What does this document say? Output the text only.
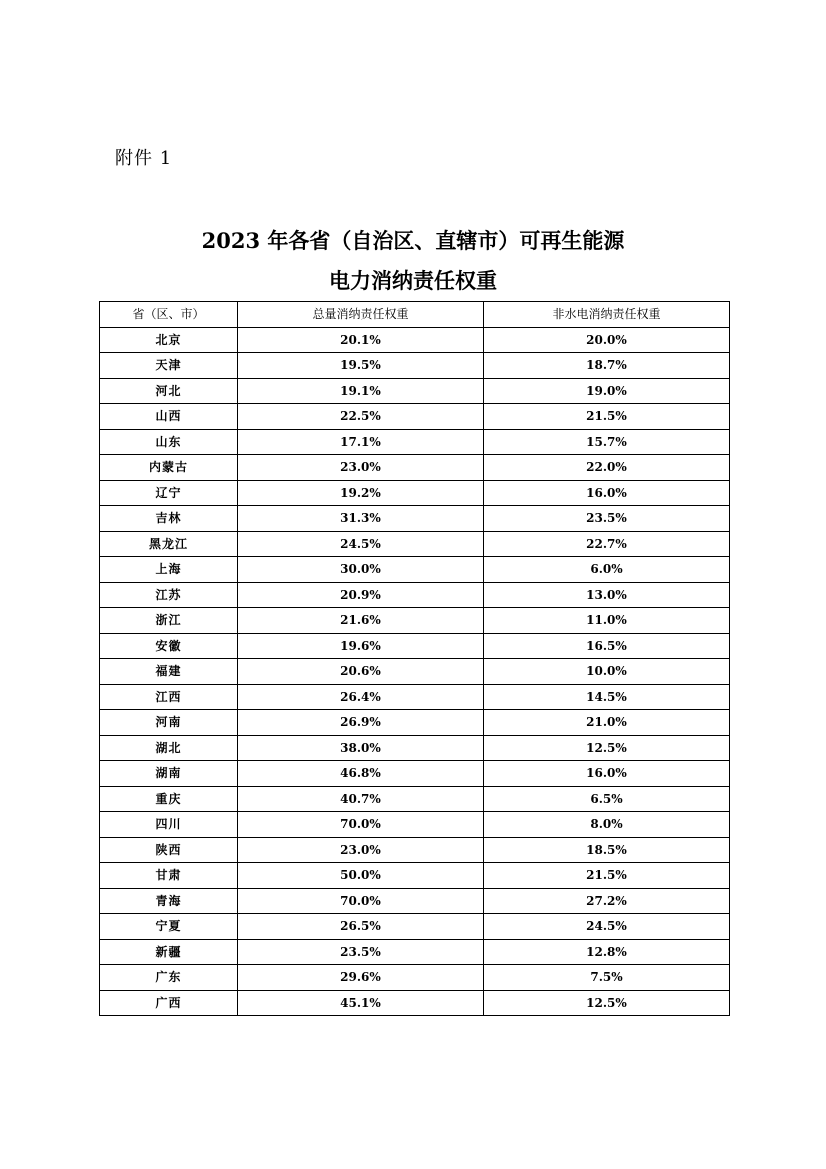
附件 1
2023 年各省（自治区、直辖市）可再生能源
电力消纳责任权重
省（区、市）	总量消纳责任权重	非水电消纳责任权重
北京	20.1%	20.0%
天津	19.5%	18.7%
河北	19.1%	19.0%
山西	22.5%	21.5%
山东	17.1%	15.7%
内蒙古	23.0%	22.0%
辽宁	19.2%	16.0%
吉林	31.3%	23.5%
黑龙江	24.5%	22.7%
上海	30.0%	6.0%
江苏	20.9%	13.0%
浙江	21.6%	11.0%
安徽	19.6%	16.5%
福建	20.6%	10.0%
江西	26.4%	14.5%
河南	26.9%	21.0%
湖北	38.0%	12.5%
湖南	46.8%	16.0%
重庆	40.7%	6.5%
四川	70.0%	8.0%
陕西	23.0%	18.5%
甘肃	50.0%	21.5%
青海	70.0%	27.2%
宁夏	26.5%	24.5%
新疆	23.5%	12.8%
广东	29.6%	7.5%
广西	45.1%	12.5%
